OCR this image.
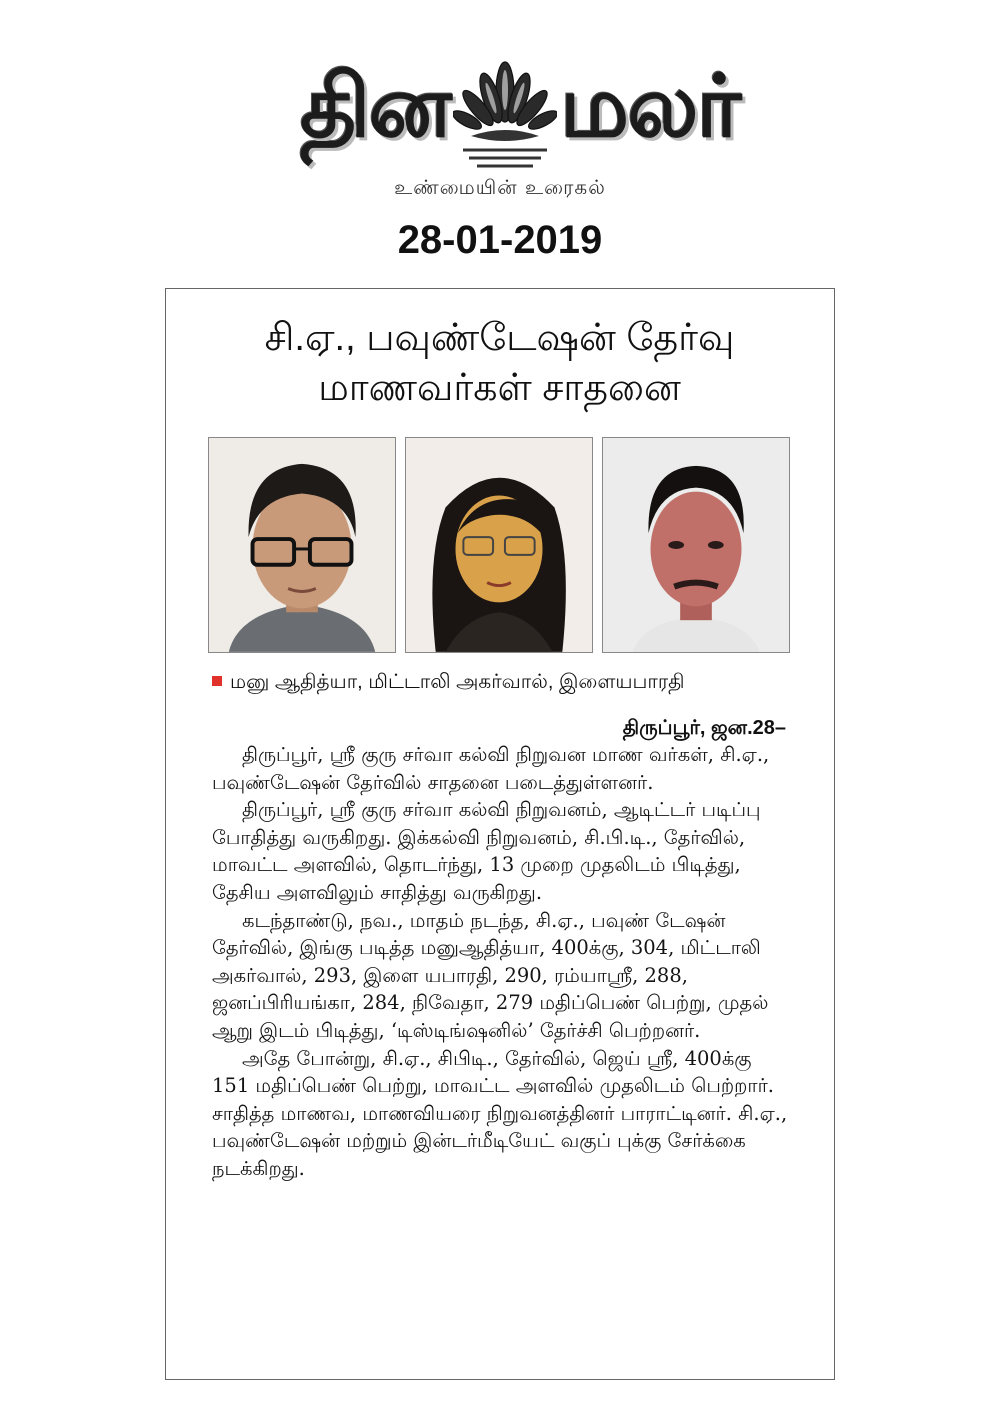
தின மலர்
உண்மையின் உரைகல்
28-01-2019
சி.ஏ., பவுண்டேஷன் தேர்வு
மாணவர்கள் சாதனை
மனு ஆதித்யா, மிட்டாலி அகர்வால், இளையபாரதி
திருப்பூர், ஜன.28–

திருப்பூர், ஸ்ரீ குரு சர்வா கல்வி நிறுவன மாண வர்கள், சி.ஏ., பவுண்டேஷன் தேர்வில் சாதனை படைத்துள்ளனர்.

திருப்பூர், ஸ்ரீ குரு சர்வா கல்வி நிறுவனம், ஆடிட்டர் படிப்பு போதித்து வருகிறது. இக்கல்வி நிறுவனம், சி.பி.டி., தேர்வில், மாவட்ட அளவில், தொடர்ந்து, 13 முறை முதலிடம் பிடித்து, தேசிய அளவிலும் சாதித்து வருகிறது.

கடந்தாண்டு, நவ., மாதம் நடந்த, சி.ஏ., பவுண் டேஷன் தேர்வில், இங்கு படித்த மனுஆதித்யா, 400க்கு, 304, மிட்டாலி அகர்வால், 293, இளை யபாரதி, 290, ரம்யாஸ்ரீ, 288, ஜனப்பிரியங்கா, 284, நிவேதா, 279 மதிப்பெண் பெற்று, முதல் ஆறு இடம் பிடித்து, ‘டிஸ்டிங்ஷனில்’ தேர்ச்சி பெற்றனர்.

அதே போன்று, சி.ஏ., சிபிடி., தேர்வில், ஜெய் ஸ்ரீ, 400க்கு 151 மதிப்பெண் பெற்று, மாவட்ட அளவில் முதலிடம் பெற்றார். சாதித்த மாணவ, மாணவியரை நிறுவனத்தினர் பாராட்டினர். சி.ஏ., பவுண்டேஷன் மற்றும் இன்டர்மீடியேட் வகுப் புக்கு சேர்க்கை நடக்கிறது.
